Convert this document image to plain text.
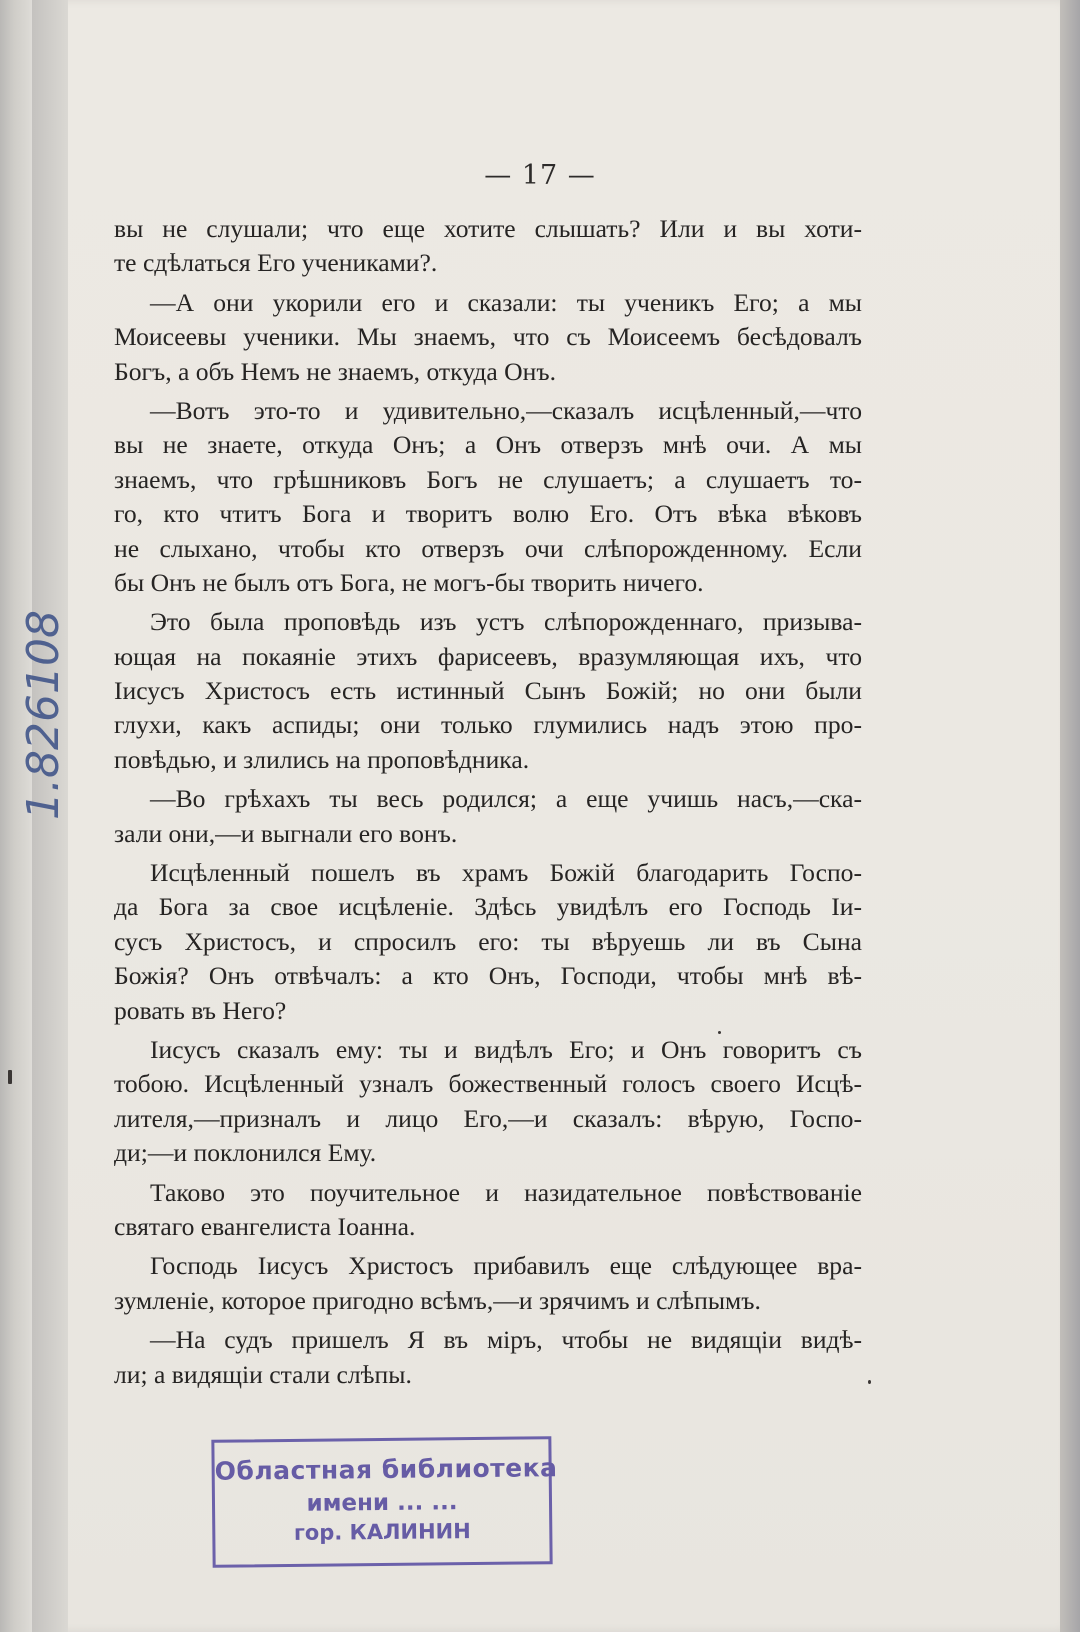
— 17 —
1.826108
вы не слушали; что еще хотите слышать? Или и вы хоти-
те сдѣлаться Его учениками?.
—А они укорили его и сказали: ты ученикъ Его; а мы
Моисеевы ученики. Мы знаемъ, что съ Моисеемъ бесѣдовалъ
Богъ, а объ Немъ не знаемъ, откуда Онъ.
—Вотъ это-то и удивительно,—сказалъ исцѣленный,—что
вы не знаете, откуда Онъ; а Онъ отверзъ мнѣ очи. А мы
знаемъ, что грѣшниковъ Богъ не слушаетъ; а слушаетъ то-
го, кто чтитъ Бога и творитъ волю Его. Отъ вѣка вѣковъ
не слыхано, чтобы кто отверзъ очи слѣпорожденному. Если
бы Онъ не былъ отъ Бога, не могъ-бы творить ничего.
Это была проповѣдь изъ устъ слѣпорожденнаго, призыва-
ющая на покаяніе этихъ фарисеевъ, вразумляющая ихъ, что
Іисусъ Христосъ есть истинный Сынъ Божій; но они были
глухи, какъ аспиды; они только глумились надъ этою про-
повѣдью, и злились на проповѣдника.
—Во грѣхахъ ты весь родился; а еще учишь насъ,—ска-
зали они,—и выгнали его вонъ.
Исцѣленный пошелъ въ храмъ Божій благодарить Госпо-
да Бога за свое исцѣленіе. Здѣсь увидѣлъ его Господь Іи-
сусъ Христосъ, и спросилъ его: ты вѣруешь ли въ Сына
Божія? Онъ отвѣчалъ: а кто Онъ, Господи, чтобы мнѣ вѣ-
ровать въ Него?
Іисусъ сказалъ ему: ты и видѣлъ Его; и Онъ говоритъ съ
тобою. Исцѣленный узналъ божественный голосъ своего Исцѣ-
лителя,—призналъ и лицо Его,—и сказалъ: вѣрую, Госпо-
ди;—и поклонился Ему.
Таково это поучительное и назидательное повѣствованіе
святаго евангелиста Іоанна.
Господь Іисусъ Христосъ прибавилъ еще слѣдующее вра-
зумленіе, которое пригодно всѣмъ,—и зрячимъ и слѣпымъ.
—На судъ пришелъ Я въ міръ, чтобы не видящіи видѣ-
ли; а видящіи стали слѣпы.
Областная библиотека
имени ... ...
гор. КАЛИНИН
